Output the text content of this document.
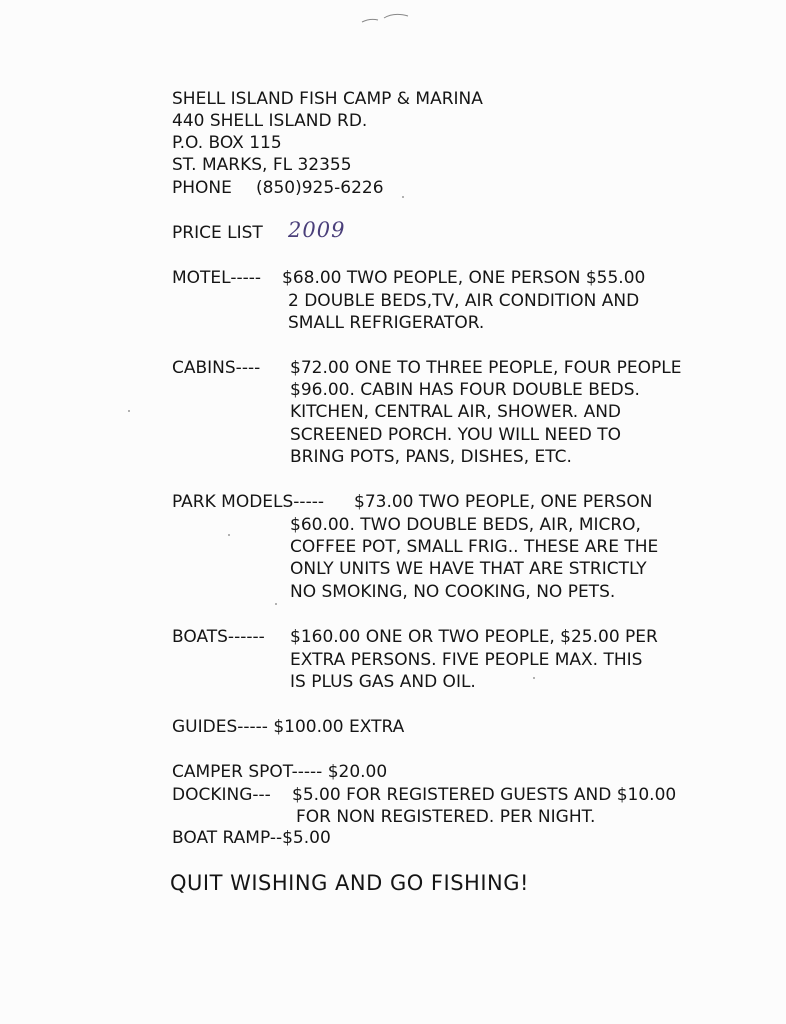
SHELL ISLAND FISH CAMP & MARINA
440 SHELL ISLAND RD.
P.O. BOX 115
ST. MARKS, FL 32355
PHONE (850)925-6226
PRICE LIST 2009
MOTEL----- $68.00 TWO PEOPLE, ONE PERSON $55.00
2 DOUBLE BEDS,TV, AIR CONDITION AND
SMALL REFRIGERATOR.
CABINS---- $72.00 ONE TO THREE PEOPLE, FOUR PEOPLE
$96.00. CABIN HAS FOUR DOUBLE BEDS.
KITCHEN, CENTRAL AIR, SHOWER. AND
SCREENED PORCH. YOU WILL NEED TO
BRING POTS, PANS, DISHES, ETC.
PARK MODELS----- $73.00 TWO PEOPLE, ONE PERSON
$60.00. TWO DOUBLE BEDS, AIR, MICRO,
COFFEE POT, SMALL FRIG.. THESE ARE THE
ONLY UNITS WE HAVE THAT ARE STRICTLY
NO SMOKING, NO COOKING, NO PETS.
BOATS------ $160.00 ONE OR TWO PEOPLE, $25.00 PER
EXTRA PERSONS. FIVE PEOPLE MAX. THIS
IS PLUS GAS AND OIL.
GUIDES----- $100.00 EXTRA
CAMPER SPOT----- $20.00
DOCKING--- $5.00 FOR REGISTERED GUESTS AND $10.00
FOR NON REGISTERED. PER NIGHT.
BOAT RAMP--$5.00
QUIT WISHING AND GO FISHING!
